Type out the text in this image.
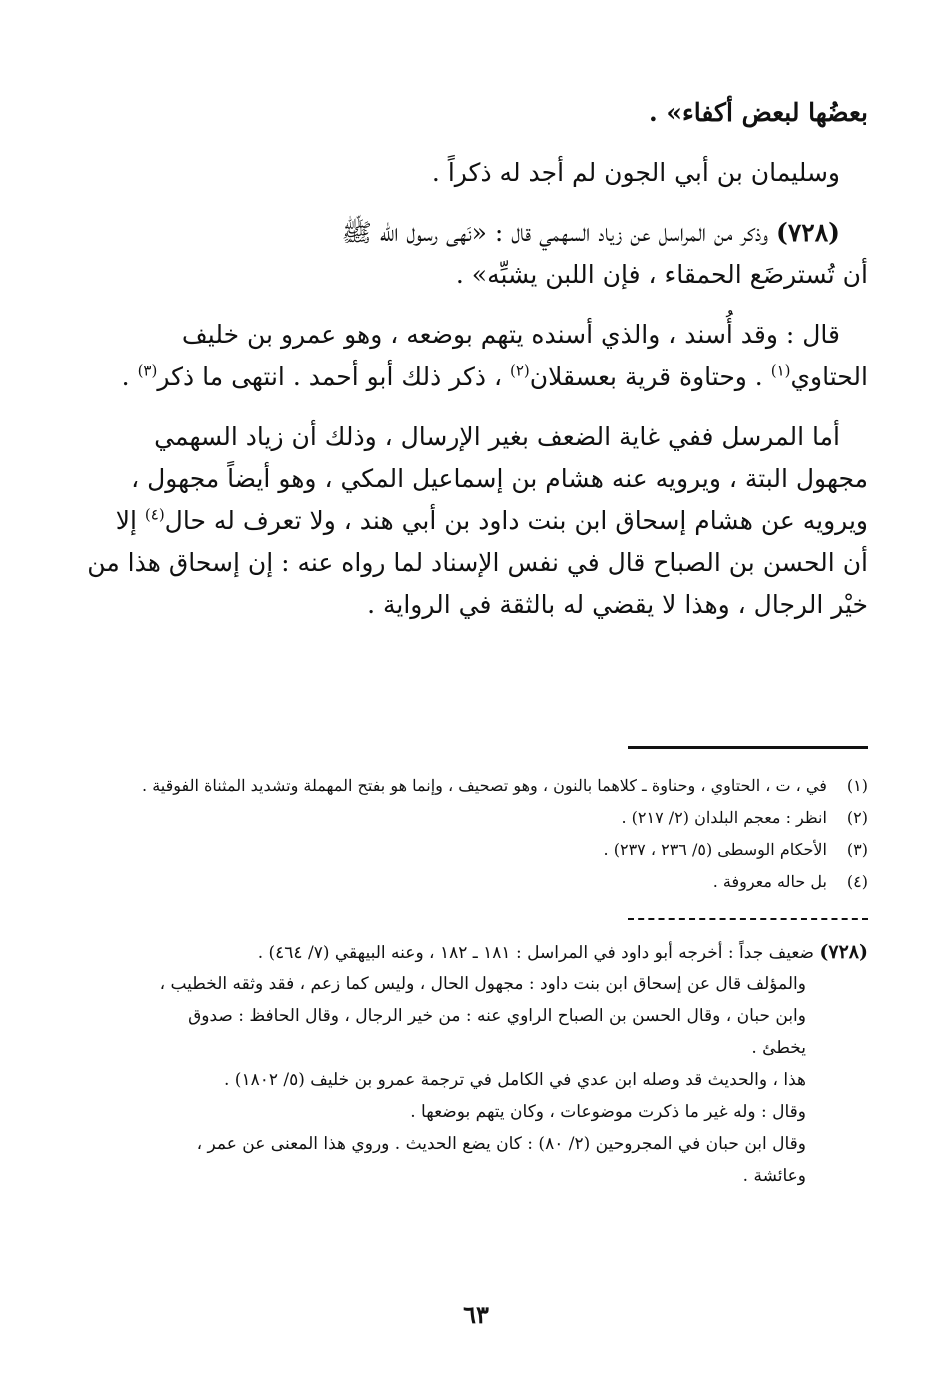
بعضُها لبعض أكفاء» .
وسليمان بن أبي الجون لم أجد له ذكراً .
(٧٢٨) وذكر من المراسل عن زياد السهمي قال : «نَهى رسول الله ﷺ
أن تُسترضَع الحمقاء ، فإن اللبن يشبِّه» .
قال : وقد أُسند ، والذي أسنده يتهم بوضعه ، وهو عمرو بن خليف
الحتاوي$^{(١)}$ . وحتاوة قرية بعسقلان$^{(٢)}$ ، ذكر ذلك أبو أحمد . انتهى ما ذكر$^{(٣)}$ .
أما المرسل ففي غاية الضعف بغير الإرسال ، وذلك أن زياد السهمي
مجهول البتة ، ويرويه عنه هشام بن إسماعيل المكي ، وهو أيضاً مجهول ،
ويرويه عن هشام إسحاق ابن بنت داود بن أبي هند ، ولا تعرف له حال$^{(٤)}$ إلا
أن الحسن بن الصباح قال في نفس الإسناد لما رواه عنه : إن إسحاق هذا من
خيْر الرجال ، وهذا لا يقضي له بالثقة في الرواية .
(١) في ، ت ، الحتاوي ، وحناوة ـ كلاهما بالنون ، وهو تصحيف ، وإنما هو بفتح المهملة وتشديد المثناة الفوقية .
(٢) انظر : معجم البلدان (٢/ ٢١٧) .
(٣) الأحكام الوسطى (٥/ ٢٣٦ ، ٢٣٧) .
(٤) بل حاله معروفة .
(٧٢٨) ضعيف جداً : أخرجه أبو داود في المراسل : ١٨١ ـ ١٨٢ ، وعنه البيهقي (٧/ ٤٦٤) .
والمؤلف قال عن إسحاق ابن بنت داود : مجهول الحال ، وليس كما زعم ، فقد وثقه الخطيب ،
وابن حبان ، وقال الحسن بن الصباح الراوي عنه : من خير الرجال ، وقال الحافظ : صدوق
يخطئ .
هذا ، والحديث قد وصله ابن عدي في الكامل في ترجمة عمرو بن خليف (٥/ ١٨٠٢) .
وقال : وله غير ما ذكرت موضوعات ، وكان يتهم بوضعها .
وقال ابن حبان في المجروحين (٢/ ٨٠) : كان يضع الحديث . وروي هذا المعنى عن عمر ،
وعائشة .
٦٣
